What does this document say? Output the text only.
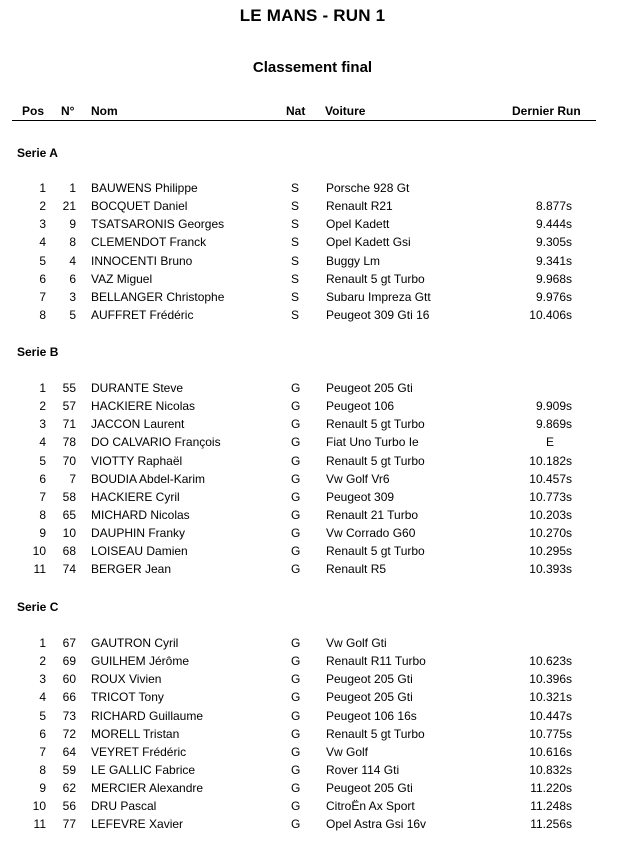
LE MANS - RUN 1
Classement final
Pos N° Nom	Nat Voiture	Dernier Run
Serie A
1	1 BAUWENS Philippe	S Porsche 928 Gt
2	21 BOCQUET Daniel	S Renault R21	8.877s
3	9 TSATSARONIS Georges	S Opel Kadett	9.444s
4	8 CLEMENDOT Franck	S Opel Kadett Gsi	9.305s
5	4 INNOCENTI Bruno	S Buggy Lm	9.341s
6	6 VAZ Miguel	S Renault 5 gt Turbo	9.968s
7	3 BELLANGER Christophe	S Subaru Impreza Gtt	9.976s
8	5 AUFFRET Frédéric	S Peugeot 309 Gti 16	10.406s
Serie B
1	55 DURANTE Steve	G Peugeot 205 Gti
2	57 HACKIERE Nicolas	G Peugeot 106	9.909s
3	71 JACCON Laurent	G Renault 5 gt Turbo	9.869s
4	78 DO CALVARIO François	G Fiat Uno Turbo Ie	E
5	70 VIOTTY Raphaël	G Renault 5 gt Turbo	10.182s
6	7 BOUDIA Abdel-Karim	G Vw Golf Vr6	10.457s
7	58 HACKIERE Cyril	G Peugeot 309	10.773s
8	65 MICHARD Nicolas	G Renault 21 Turbo	10.203s
9	10 DAUPHIN Franky	G Vw Corrado G60	10.270s
10	68 LOISEAU Damien	G Renault 5 gt Turbo	10.295s
11	74 BERGER Jean	G Renault R5	10.393s
Serie C
1	67 GAUTRON Cyril	G Vw Golf Gti
2	69 GUILHEM Jérôme	G Renault R11 Turbo	10.623s
3	60 ROUX Vivien	G Peugeot 205 Gti	10.396s
4	66 TRICOT Tony	G Peugeot 205 Gti	10.321s
5	73 RICHARD Guillaume	G Peugeot 106 16s	10.447s
6	72 MORELL Tristan	G Renault 5 gt Turbo	10.775s
7	64 VEYRET Frédéric	G Vw Golf	10.616s
8	59 LE GALLIC Fabrice	G Rover 114 Gti	10.832s
9	62 MERCIER Alexandre	G Peugeot 205 Gti	11.220s
10	56 DRU Pascal	G CitroËn Ax Sport	11.248s
11	77 LEFEVRE Xavier	G Opel Astra Gsi 16v	11.256s
